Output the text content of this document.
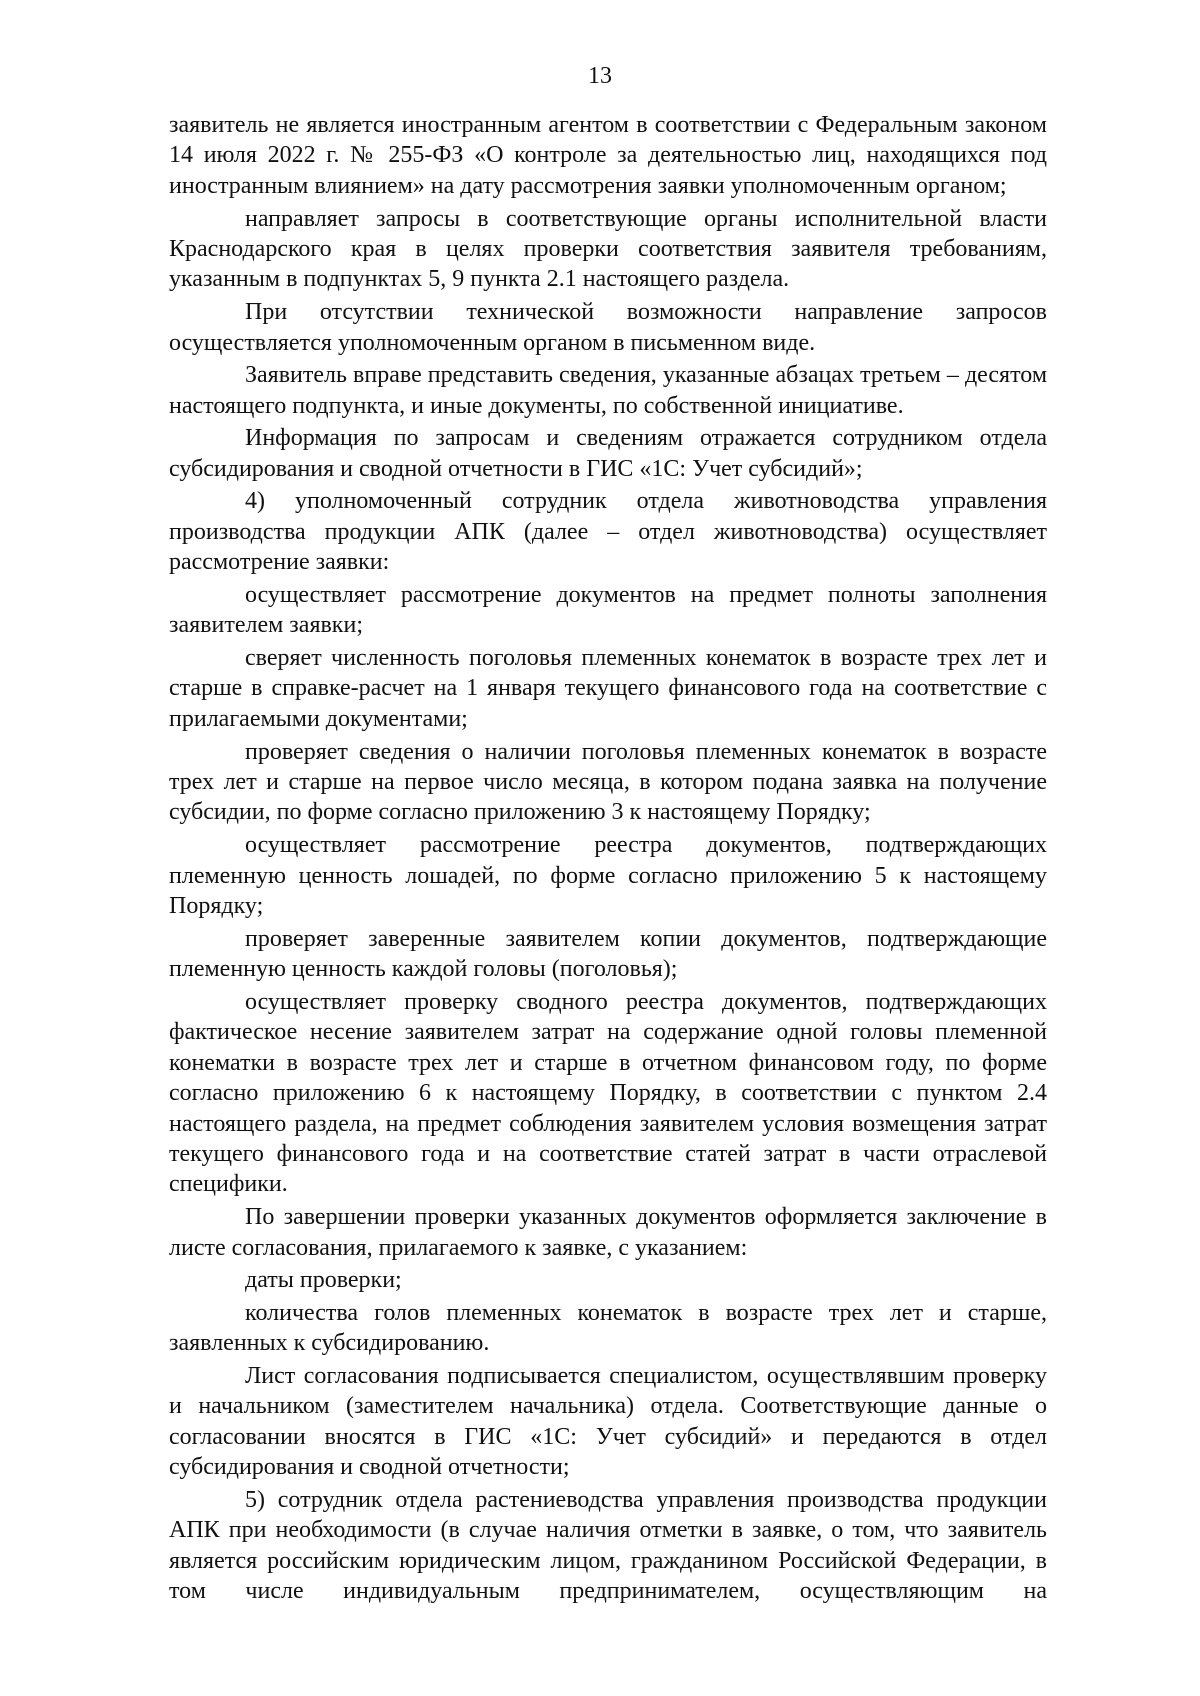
13

заявитель не является иностранным агентом в соответствии с Федеральным законом 14 июля 2022 г. № 255-ФЗ «О контроле за деятельностью лиц, находящихся под иностранным влиянием» на дату рассмотрения заявки уполномоченным органом;

направляет запросы в соответствующие органы исполнительной власти Краснодарского края в целях проверки соответствия заявителя требованиям, указанным в подпунктах 5, 9 пункта 2.1 настоящего раздела.

При отсутствии технической возможности направление запросов осуществляется уполномоченным органом в письменном виде.

Заявитель вправе представить сведения, указанные абзацах третьем – десятом настоящего подпункта, и иные документы, по собственной инициативе.

Информация по запросам и сведениям отражается сотрудником отдела субсидирования и сводной отчетности в ГИС «1С: Учет субсидий»;

4) уполномоченный сотрудник отдела животноводства управления производства продукции АПК (далее – отдел животноводства) осуществляет рассмотрение заявки:

осуществляет рассмотрение документов на предмет полноты заполнения заявителем заявки;

сверяет численность поголовья племенных конематок в возрасте трех лет и старше в справке-расчет на 1 января текущего финансового года на соответствие с прилагаемыми документами;

проверяет сведения о наличии поголовья племенных конематок в возрасте трех лет и старше на первое число месяца, в котором подана заявка на получение субсидии, по форме согласно приложению 3 к настоящему Порядку;

осуществляет рассмотрение реестра документов, подтверждающих племенную ценность лошадей, по форме согласно приложению 5 к настоящему Порядку;

проверяет заверенные заявителем копии документов, подтверждающие племенную ценность каждой головы (поголовья);

осуществляет проверку сводного реестра документов, подтверждающих фактическое несение заявителем затрат на содержание одной головы племенной конематки в возрасте трех лет и старше в отчетном финансовом году, по форме согласно приложению 6 к настоящему Порядку, в соответствии с пунктом 2.4 настоящего раздела, на предмет соблюдения заявителем условия возмещения затрат текущего финансового года и на соответствие статей затрат в части отраслевой специфики.

По завершении проверки указанных документов оформляется заключение в листе согласования, прилагаемого к заявке, с указанием:

даты проверки;

количества голов племенных конематок в возрасте трех лет и старше, заявленных к субсидированию.

Лист согласования подписывается специалистом, осуществлявшим проверку и начальником (заместителем начальника) отдела. Соответствующие данные о согласовании вносятся в ГИС «1С: Учет субсидий» и передаются в отдел субсидирования и сводной отчетности;

5) сотрудник отдела растениеводства управления производства продукции АПК при необходимости (в случае наличия отметки в заявке, о том, что заявитель является российским юридическим лицом, гражданином Российской Федерации, в том числе индивидуальным предпринимателем, осуществляющим на
